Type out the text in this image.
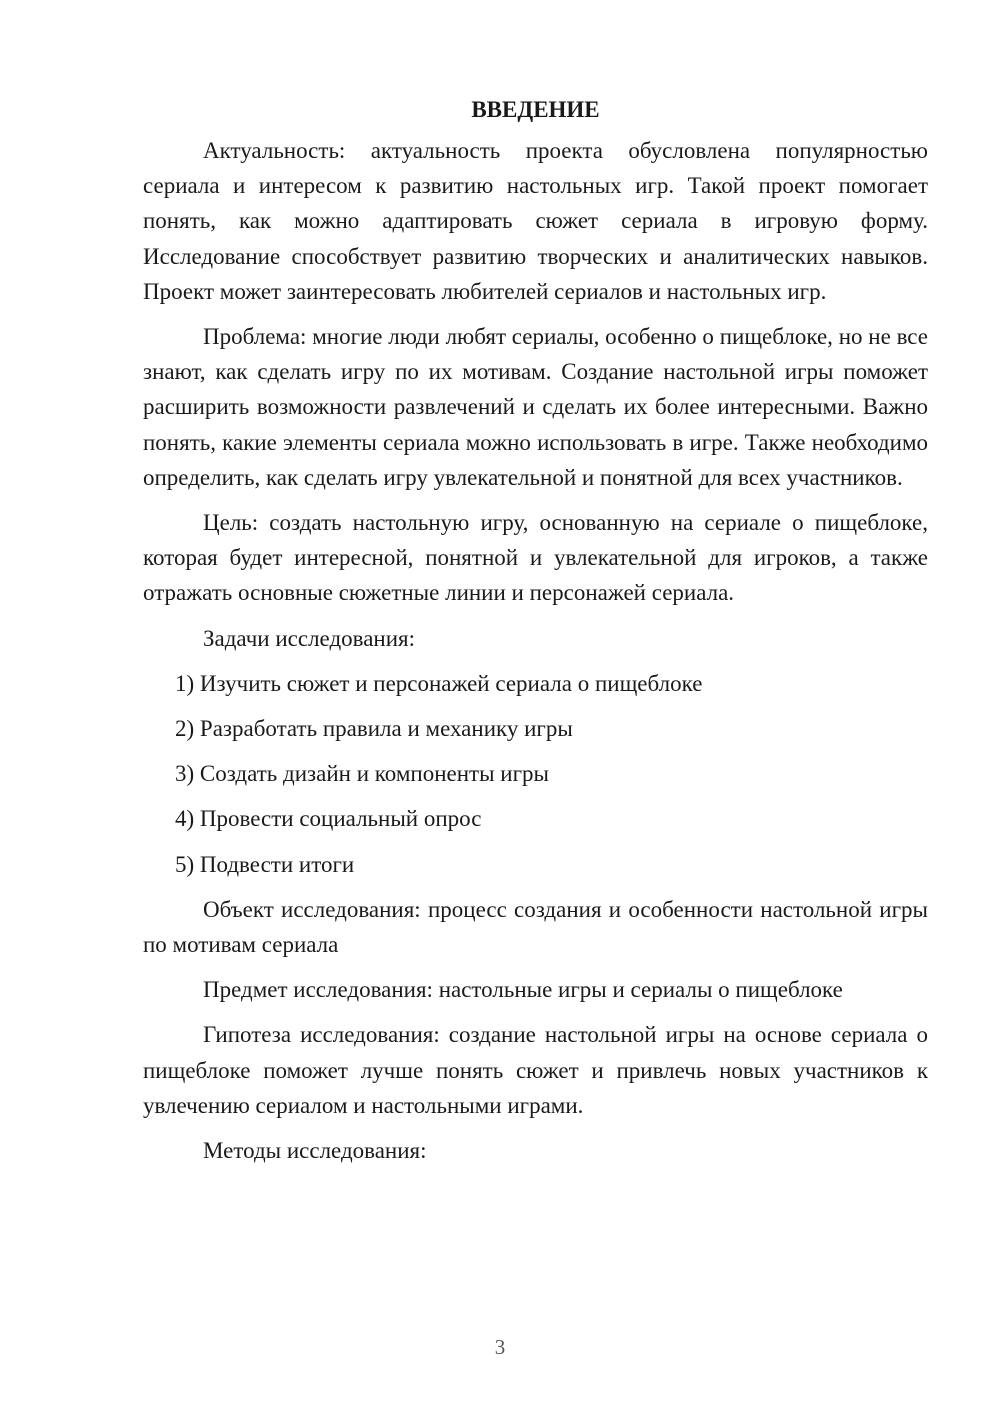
ВВЕДЕНИЕ

Актуальность: актуальность проекта обусловлена популярностью сериала и интересом к развитию настольных игр. Такой проект помогает понять, как можно адаптировать сюжет сериала в игровую форму. Исследование способствует развитию творческих и аналитических навыков. Проект может заинтересовать любителей сериалов и настольных игр.

Проблема: многие люди любят сериалы, особенно о пищеблоке, но не все знают, как сделать игру по их мотивам. Создание настольной игры поможет расширить возможности развлечений и сделать их более интересными. Важно понять, какие элементы сериала можно использовать в игре. Также необходимо определить, как сделать игру увлекательной и понятной для всех участников.

Цель: создать настольную игру, основанную на сериале о пищеблоке, которая будет интересной, понятной и увлекательной для игроков, а также отражать основные сюжетные линии и персонажей сериала.

Задачи исследования:

1) Изучить сюжет и персонажей сериала о пищеблоке
2) Разработать правила и механику игры
3) Создать дизайн и компоненты игры
4) Провести социальный опрос
5) Подвести итоги

Объект исследования: процесс создания и особенности настольной игры по мотивам сериала

Предмет исследования: настольные игры и сериалы о пищеблоке

Гипотеза исследования: создание настольной игры на основе сериала о пищеблоке поможет лучше понять сюжет и привлечь новых участников к увлечению сериалом и настольными играми.

Методы исследования:

3
